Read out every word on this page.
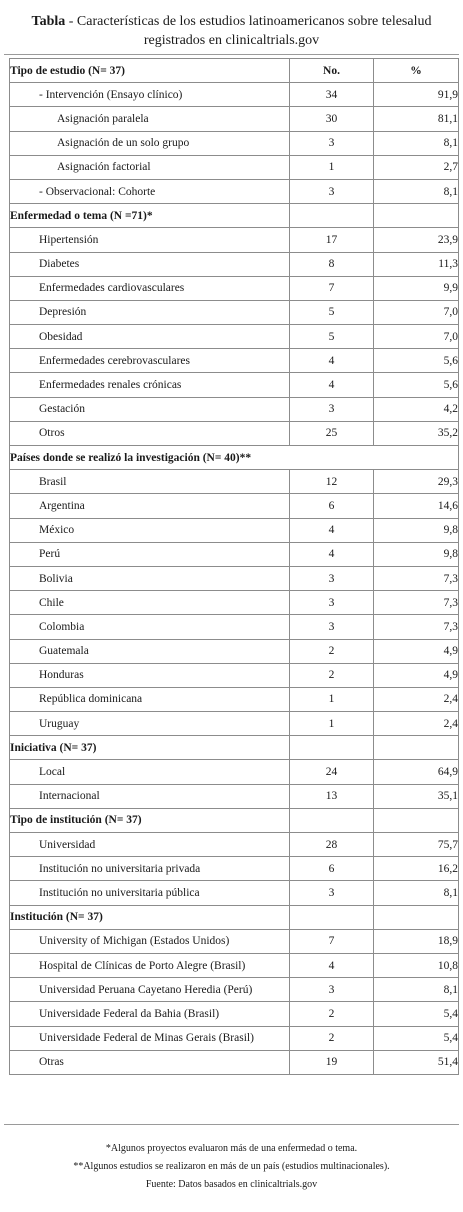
Tabla - Características de los estudios latinoamericanos sobre telesalud
registrados en clinicaltrials.gov
Tipo de estudio (N= 37)	No.	%
- Intervención (Ensayo clínico)	34	91,9
Asignación paralela	30	81,1
Asignación de un solo grupo	3	8,1
Asignación factorial	1	2,7
- Observacional: Cohorte	3	8,1
Enfermedad o tema (N =71)*		
Hipertensión	17	23,9
Diabetes	8	11,3
Enfermedades cardiovasculares	7	9,9
Depresión	5	7,0
Obesidad	5	7,0
Enfermedades cerebrovasculares	4	5,6
Enfermedades renales crónicas	4	5,6
Gestación	3	4,2
Otros	25	35,2
Países donde se realizó la investigación (N= 40)**		
Brasil	12	29,3
Argentina	6	14,6
México	4	9,8
Perú	4	9,8
Bolivia	3	7,3
Chile	3	7,3
Colombia	3	7,3
Guatemala	2	4,9
Honduras	2	4,9
República dominicana	1	2,4
Uruguay	1	2,4
Iniciativa (N= 37)		
Local	24	64,9
Internacional	13	35,1
Tipo de institución (N= 37)		
Universidad	28	75,7
Institución no universitaria privada	6	16,2
Institución no universitaria pública	3	8,1
Institución (N= 37)		
University of Michigan (Estados Unidos)	7	18,9
Hospital de Clínicas de Porto Alegre (Brasil)	4	10,8
Universidad Peruana Cayetano Heredia (Perú)	3	8,1
Universidade Federal da Bahia (Brasil)	2	5,4
Universidade Federal de Minas Gerais (Brasil)	2	5,4
Otras	19	51,4
*Algunos proyectos evaluaron más de una enfermedad o tema.
**Algunos estudios se realizaron en más de un país (estudios multinacionales).
Fuente: Datos basados en clinicaltrials.gov
